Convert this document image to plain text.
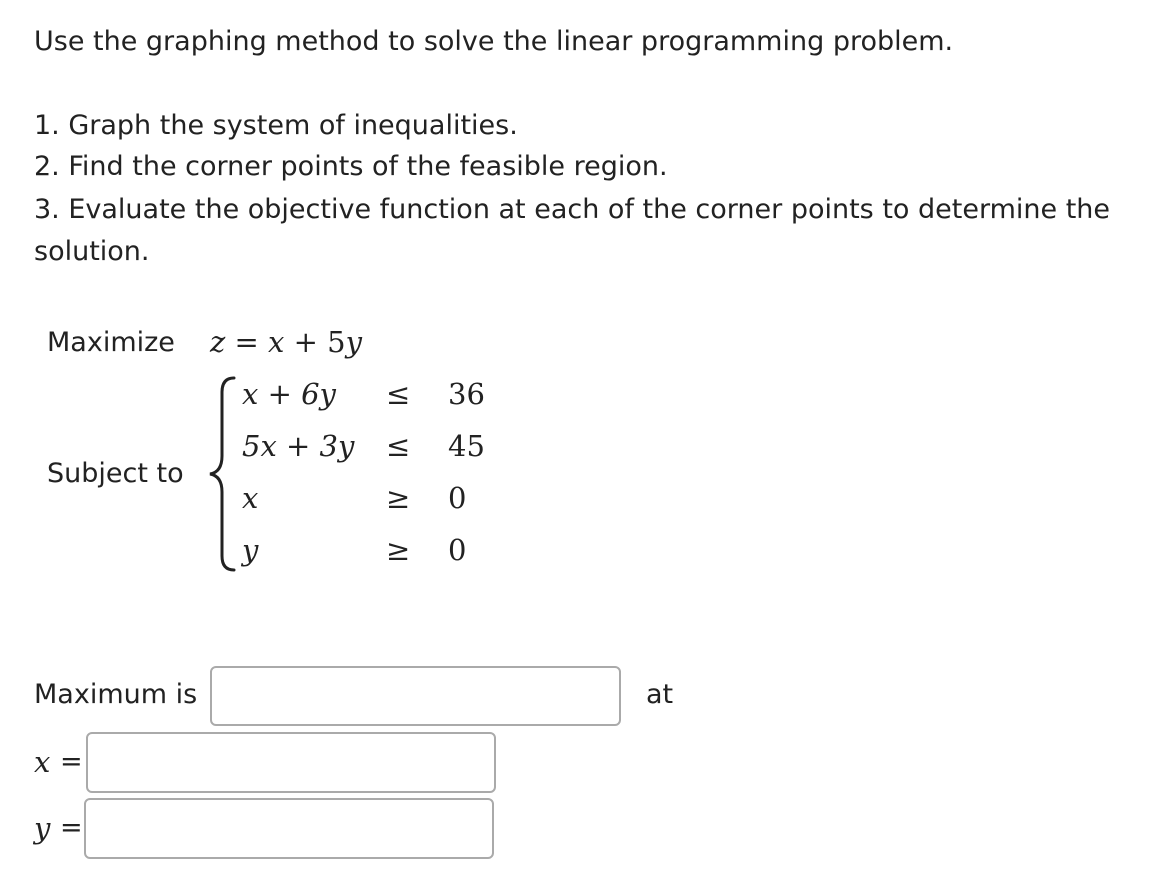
Use the graphing method to solve the linear programming problem.
1. Graph the system of inequalities.
2. Find the corner points of the feasible region.
3. Evaluate the objective function at each of the corner points to determine the
solution.
Maximize z = x + 5y
Subject to
x + 6y ≤ 36
5x + 3y ≤ 45
x	≥ 0
y	≥ 0
Maximum is	at
x =
y =
